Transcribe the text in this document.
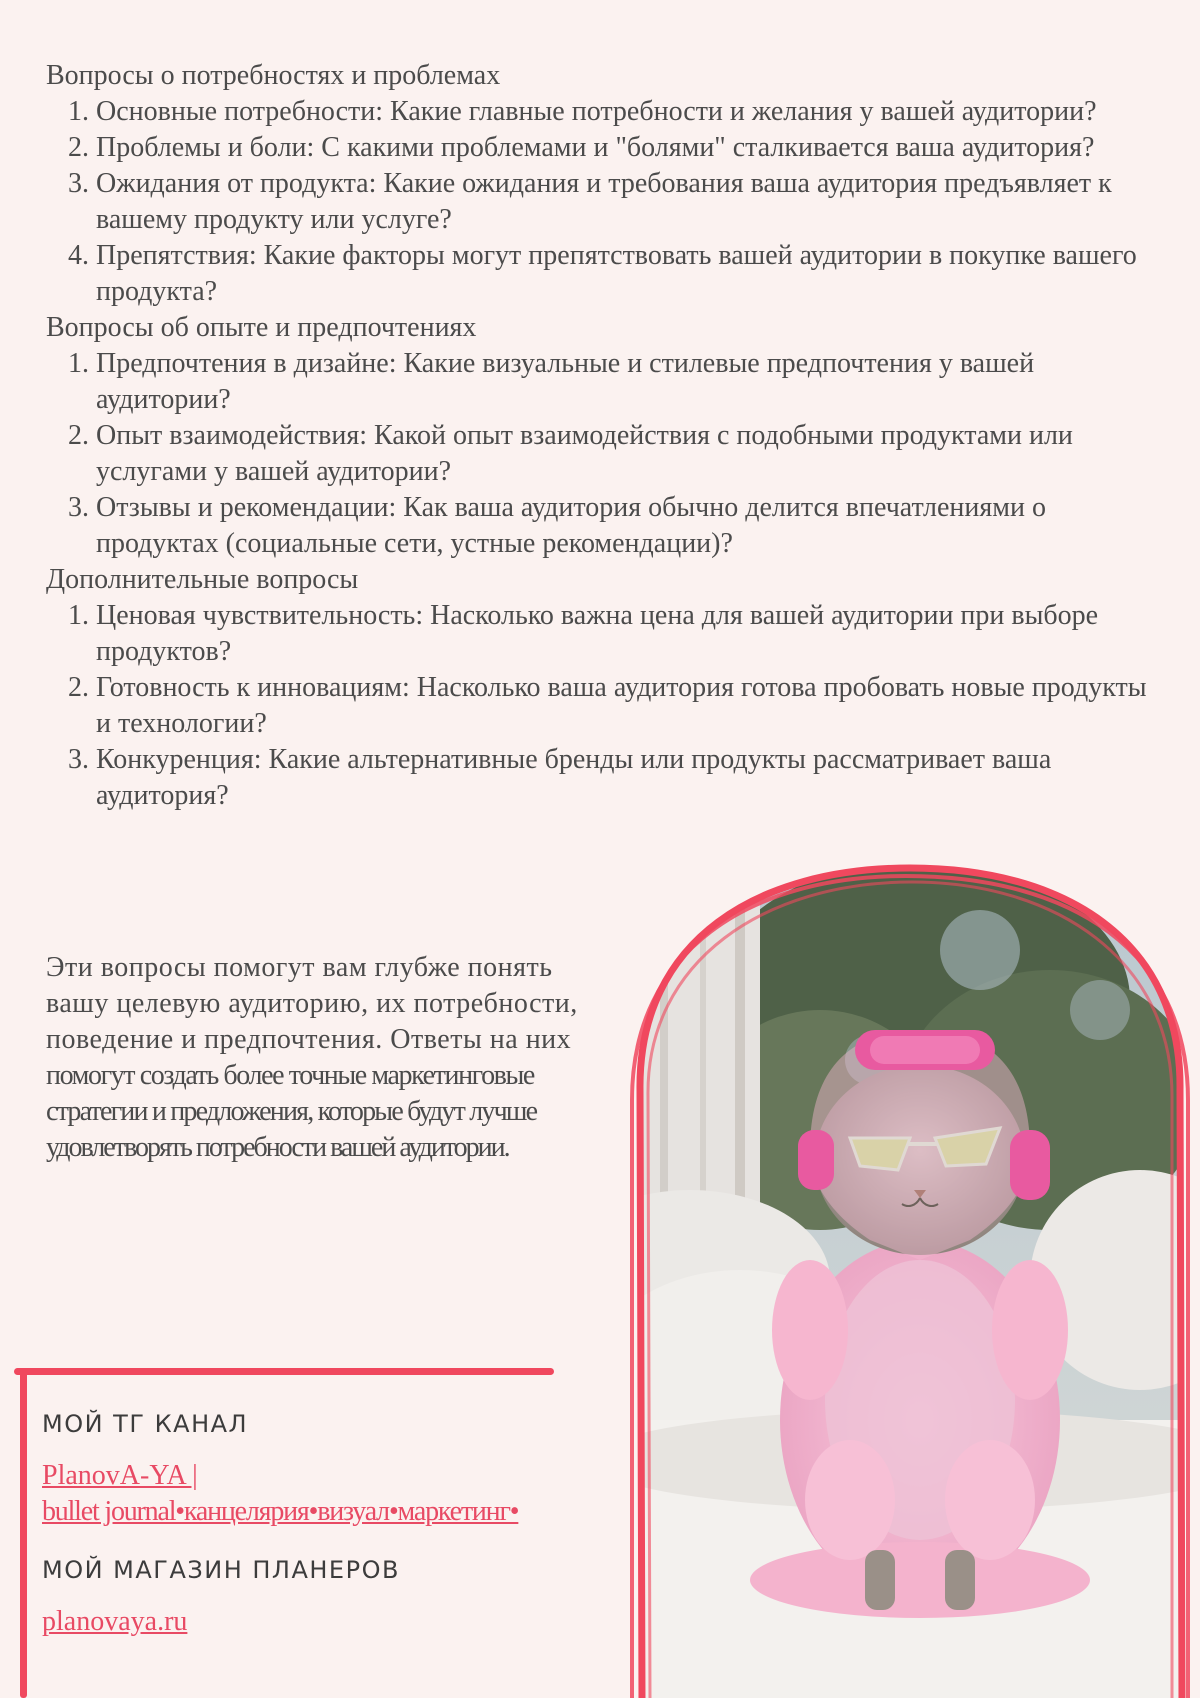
Вопросы о потребностях и проблемах
1. Основные потребности: Какие главные потребности и желания у вашей аудитории?
2. Проблемы и боли: С какими проблемами и "болями" сталкивается ваша аудитория?
3. Ожидания от продукта: Какие ожидания и требования ваша аудитория предъявляет к вашему продукту или услуге?
4. Препятствия: Какие факторы могут препятствовать вашей аудитории в покупке вашего продукта?
Вопросы об опыте и предпочтениях
1. Предпочтения в дизайне: Какие визуальные и стилевые предпочтения у вашей аудитории?
2. Опыт взаимодействия: Какой опыт взаимодействия с подобными продуктами или услугами у вашей аудитории?
3. Отзывы и рекомендации: Как ваша аудитория обычно делится впечатлениями о продуктах (социальные сети, устные рекомендации)?
Дополнительные вопросы
1. Ценовая чувствительность: Насколько важна цена для вашей аудитории при выборе продуктов?
2. Готовность к инновациям: Насколько ваша аудитория готова пробовать новые продукты и технологии?
3. Конкуренция: Какие альтернативные бренды или продукты рассматривает ваша аудитория?
Эти вопросы помогут вам глубже понять
вашу целевую аудиторию, их потребности,
поведение и предпочтения. Ответы на них
помогут создать более точные маркетинговые
стратегии и предложения, которые будут лучше
удовлетворять потребности вашей аудитории.
МОЙ ТГ КАНАЛ
PlanovA-YA |
bullet journal•канцелярия•визуал•маркетинг•
МОЙ МАГАЗИН ПЛАНЕРОВ
planovaya.ru
